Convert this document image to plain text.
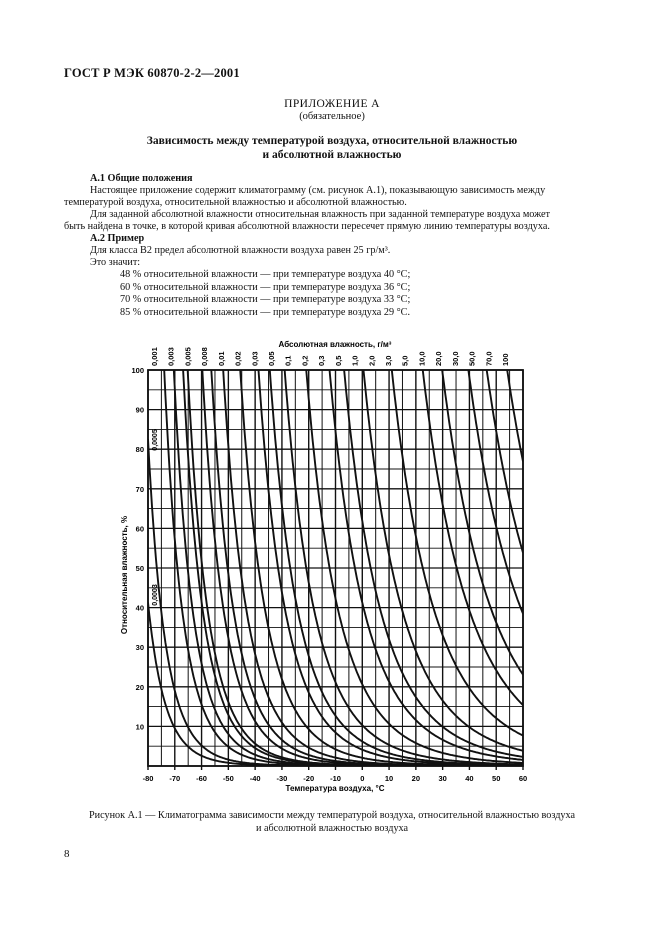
ГОСТ Р МЭК 60870-2-2—2001
ПРИЛОЖЕНИЕ А
(обязательное)
Зависимость между температурой воздуха, относительной влажностью
и абсолютной влажностью
А.1 Общие положения
Настоящее приложение содержит климатограмму (см. рисунок А.1), показывающую зависимость между
температурой воздуха, относительной влажностью и абсолютной влажностью.
Для заданной абсолютной влажности относительная влажность при заданной температуре воздуха может
быть найдена в точке, в которой кривая абсолютной влажности пересечет прямую линию температуры воздуха.
А.2 Пример
Для класса В2 предел абсолютной влажности воздуха равен 25 гр/м³.
Это значит:
48 % относительной влажности — при температуре воздуха 40 °С;
60 % относительной влажности — при температуре воздуха 36 °С;
70 % относительной влажности — при температуре воздуха 33 °С;
85 % относительной влажности — при температуре воздуха 29 °С.
-80 -70 -60 -50 -40 -30 -20 -10	0	10 20 30 40 50 60
10
20
30
40
50
60
70
80
90
100
0,001 0,003 0,005 0,008 0,01 0,02 0,03 0,05 0,1 0,2 0,3 0,5 1,0 2,0 3,0 5,0 10,0 20,0 30,0 50,0 70,0 100
0,0005
0,0003
Абсолютная влажность, г/м³
Температура воздуха, °С
Относительная влажность, %
Рисунок А.1 — Климатограмма зависимости между температурой воздуха, относительной влажностью воздуха
и абсолютной влажностью воздуха
8
